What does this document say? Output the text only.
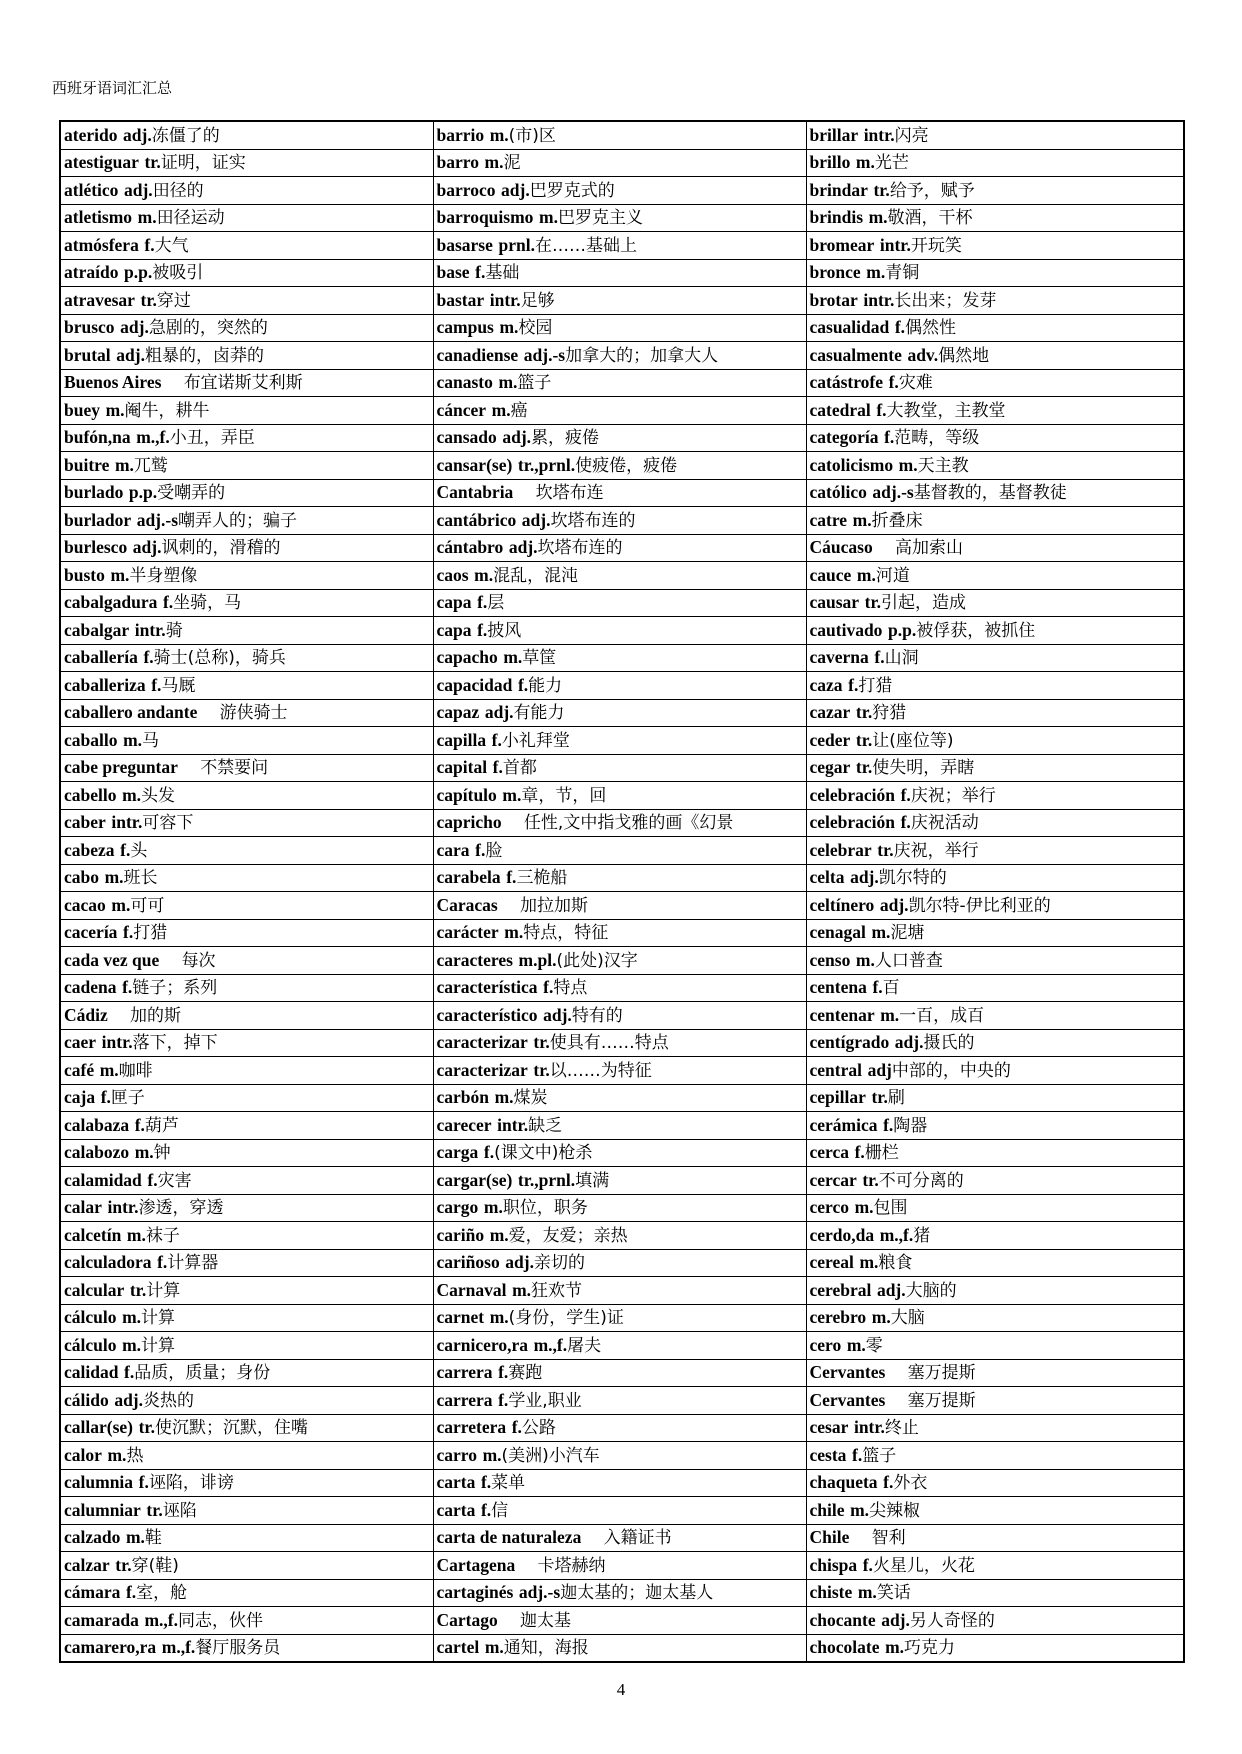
西班牙语词汇汇总
aterido adj.冻僵了的	barrio m.(市)区	brillar intr.闪亮
atestiguar tr.证明，证实	barro m.泥	brillo m.光芒
atlético adj.田径的	barroco adj.巴罗克式的	brindar tr.给予，赋予
atletismo m.田径运动	barroquismo m.巴罗克主义	brindis m.敬酒，干杯
atmósfera f.大气	basarse prnl.在……基础上	bromear intr.开玩笑
atraído p.p.被吸引	base f.基础	bronce m.青铜
atravesar tr.穿过	bastar intr.足够	brotar intr.长出来；发芽
brusco adj.急剧的，突然的	campus m.校园	casualidad f.偶然性
brutal adj.粗暴的，卤莽的	canadiense adj.-s加拿大的；加拿大人	casualmente adv.偶然地
Buenos Aires 布宜诺斯艾利斯	canasto m.篮子	catástrofe f.灾难
buey m.阉牛，耕牛	cáncer m.癌	catedral f.大教堂，主教堂
bufón,na m.,f.小丑，弄臣	cansado adj.累，疲倦	categoría f.范畴，等级
buitre m.兀鹫	cansar(se) tr.,prnl.使疲倦，疲倦	catolicismo m.天主教
burlado p.p.受嘲弄的	Cantabria 坎塔布连	católico adj.-s基督教的，基督教徒
burlador adj.-s嘲弄人的；骗子	cantábrico adj.坎塔布连的	catre m.折叠床
burlesco adj.讽刺的，滑稽的	cántabro adj.坎塔布连的	Cáucaso 高加索山
busto m.半身塑像	caos m.混乱，混沌	cauce m.河道
cabalgadura f.坐骑，马	capa f.层	causar tr.引起，造成
cabalgar intr.骑	capa f.披风	cautivado p.p.被俘获，被抓住
caballería f.骑士(总称)，骑兵	capacho m.草筐	caverna f.山洞
caballeriza f.马厩	capacidad f.能力	caza f.打猎
caballero andante 游侠骑士	capaz adj.有能力	cazar tr.狩猎
caballo m.马	capilla f.小礼拜堂	ceder tr.让(座位等)
cabe preguntar 不禁要问	capital f.首都	cegar tr.使失明，弄瞎
cabello m.头发	capítulo m.章，节，回	celebración f.庆祝；举行
caber intr.可容下	capricho 任性,文中指戈雅的画《幻景	celebración f.庆祝活动
cabeza f.头	cara f.脸	celebrar tr.庆祝，举行
cabo m.班长	carabela f.三桅船	celta adj.凯尔特的
cacao m.可可	Caracas 加拉加斯	celtínero adj.凯尔特-伊比利亚的
cacería f.打猎	carácter m.特点，特征	cenagal m.泥塘
cada vez que 每次	caracteres m.pl.(此处)汉字	censo m.人口普查
cadena f.链子；系列	característica f.特点	centena f.百
Cádiz 加的斯	característico adj.特有的	centenar m.一百，成百
caer intr.落下，掉下	caracterizar tr.使具有……特点	centígrado adj.摄氏的
café m.咖啡	caracterizar tr.以……为特征	central adj中部的，中央的
caja f.匣子	carbón m.煤炭	cepillar tr.刷
calabaza f.葫芦	carecer intr.缺乏	cerámica f.陶器
calabozo m.钟	carga f.(课文中)枪杀	cerca f.栅栏
calamidad f.灾害	cargar(se) tr.,prnl.填满	cercar tr.不可分离的
calar intr.渗透，穿透	cargo m.职位，职务	cerco m.包围
calcetín m.袜子	cariño m.爱，友爱；亲热	cerdo,da m.,f.猪
calculadora f.计算器	cariñoso adj.亲切的	cereal m.粮食
calcular tr.计算	Carnaval m.狂欢节	cerebral adj.大脑的
cálculo m.计算	carnet m.(身份，学生)证	cerebro m.大脑
cálculo m.计算	carnicero,ra m.,f.屠夫	cero m.零
calidad f.品质，质量；身份	carrera f.赛跑	Cervantes 塞万提斯
cálido adj.炎热的	carrera f.学业,职业	Cervantes 塞万提斯
callar(se) tr.使沉默；沉默，住嘴	carretera f.公路	cesar intr.终止
calor m.热	carro m.(美洲)小汽车	cesta f.篮子
calumnia f.诬陷，诽谤	carta f.菜单	chaqueta f.外衣
calumniar tr.诬陷	carta f.信	chile m.尖辣椒
calzado m.鞋	carta de naturaleza 入籍证书	Chile 智利
calzar tr.穿(鞋)	Cartagena 卡塔赫纳	chispa f.火星儿，火花
cámara f.室，舱	cartaginés adj.-s迦太基的；迦太基人	chiste m.笑话
camarada m.,f.同志，伙伴	Cartago 迦太基	chocante adj.另人奇怪的
camarero,ra m.,f.餐厅服务员	cartel m.通知，海报	chocolate m.巧克力
4
